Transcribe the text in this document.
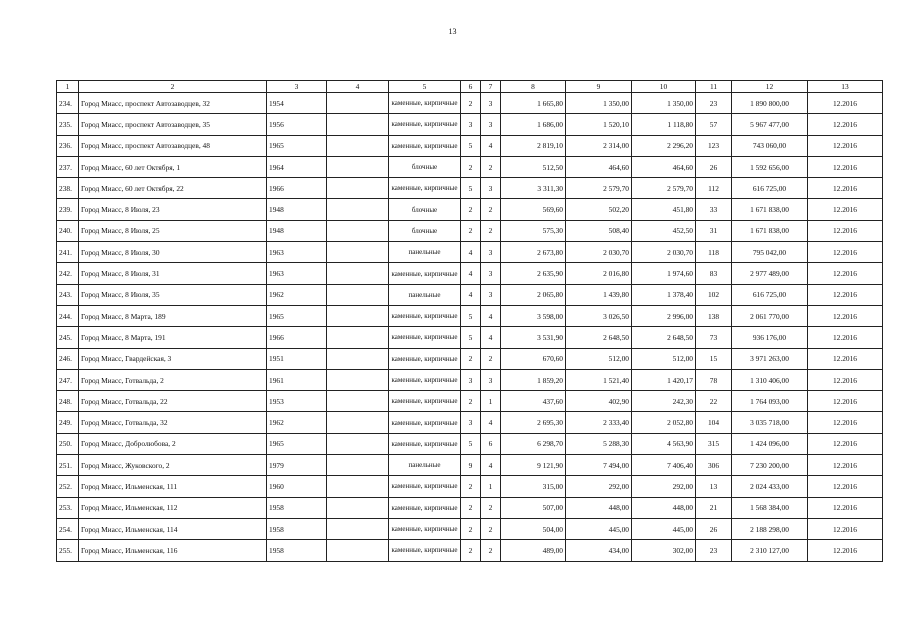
13
1	2	3	4	5	6	7	8	9	10	11	12	13
234.	Город Миасс, проспект Автозаводцев, 32	1954		каменные, кирпичные	2	3	1 665,80	1 350,00	1 350,00	23	1 890 800,00	12.2016
235.	Город Миасс, проспект Автозаводцев, 35	1956		каменные, кирпичные	3	3	1 686,00	1 520,10	1 118,80	57	5 967 477,00	12.2016
236.	Город Миасс, проспект Автозаводцев, 48	1965		каменные, кирпичные	5	4	2 819,10	2 314,00	2 296,20	123	743 060,00	12.2016
237.	Город Миасс, 60 лет Октября, 1	1964		блочные	2	2	512,50	464,60	464,60	26	1 592 656,00	12.2016
238.	Город Миасс, 60 лет Октября, 22	1966		каменные, кирпичные	5	3	3 311,30	2 579,70	2 579,70	112	616 725,00	12.2016
239.	Город Миасс, 8 Июля, 23	1948		блочные	2	2	569,60	502,20	451,80	33	1 671 838,00	12.2016
240.	Город Миасс, 8 Июля, 25	1948		блочные	2	2	575,30	508,40	452,50	31	1 671 838,00	12.2016
241.	Город Миасс, 8 Июля, 30	1963		панельные	4	3	2 673,80	2 030,70	2 030,70	118	795 042,00	12.2016
242.	Город Миасс, 8 Июля, 31	1963		каменные, кирпичные	4	3	2 635,90	2 016,80	1 974,60	83	2 977 489,00	12.2016
243.	Город Миасс, 8 Июля, 35	1962		панельные	4	3	2 065,80	1 439,80	1 378,40	102	616 725,00	12.2016
244.	Город Миасс, 8 Марта, 189	1965		каменные, кирпичные	5	4	3 598,00	3 026,50	2 996,00	138	2 061 770,00	12.2016
245.	Город Миасс, 8 Марта, 191	1966		каменные, кирпичные	5	4	3 531,90	2 648,50	2 648,50	73	936 176,00	12.2016
246.	Город Миасс, Гвардейская, 3	1951		каменные, кирпичные	2	2	670,60	512,00	512,00	15	3 971 263,00	12.2016
247.	Город Миасс, Готвальда, 2	1961		каменные, кирпичные	3	3	1 859,20	1 521,40	1 420,17	78	1 310 406,00	12.2016
248.	Город Миасс, Готвальда, 22	1953		каменные, кирпичные	2	1	437,60	402,90	242,30	22	1 764 093,00	12.2016
249.	Город Миасс, Готвальда, 32	1962		каменные, кирпичные	3	4	2 695,30	2 333,40	2 052,80	104	3 035 718,00	12.2016
250.	Город Миасс, Добролюбова, 2	1965		каменные, кирпичные	5	6	6 298,70	5 288,30	4 563,90	315	1 424 096,00	12.2016
251.	Город Миасс, Жуковского, 2	1979		панельные	9	4	9 121,90	7 494,00	7 406,40	306	7 230 200,00	12.2016
252.	Город Миасс, Ильменская, 111	1960		каменные, кирпичные	2	1	315,00	292,00	292,00	13	2 024 433,00	12.2016
253.	Город Миасс, Ильменская, 112	1958		каменные, кирпичные	2	2	507,00	448,00	448,00	21	1 568 384,00	12.2016
254.	Город Миасс, Ильменская, 114	1958		каменные, кирпичные	2	2	504,00	445,00	445,00	26	2 188 298,00	12.2016
255.	Город Миасс, Ильменская, 116	1958		каменные, кирпичные	2	2	489,00	434,00	302,00	23	2 310 127,00	12.2016
